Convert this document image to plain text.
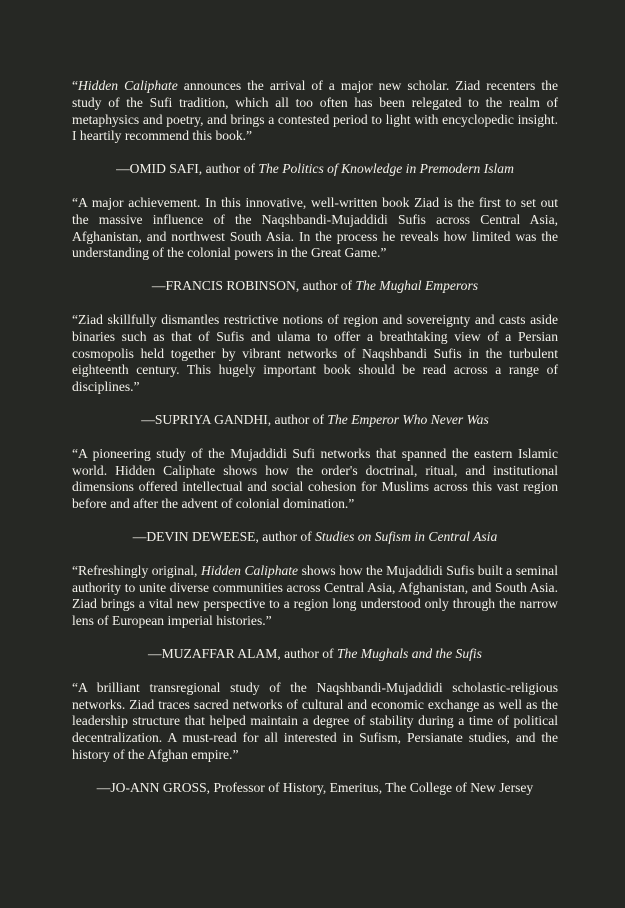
“Hidden Caliphate announces the arrival of a major new scholar. Ziad recenters the study of the Sufi tradition, which all too often has been relegated to the realm of metaphysics and poetry, and brings a contested period to light with encyclopedic insight. I heartily recommend this book.”

—OMID SAFI, author of The Politics of Knowledge in Premodern Islam

“A major achievement. In this innovative, well-written book Ziad is the first to set out the massive influence of the Naqshbandi-Mujaddidi Sufis across Central Asia, Afghanistan, and northwest South Asia. In the process he reveals how limited was the understanding of the colonial powers in the Great Game.”

—FRANCIS ROBINSON, author of The Mughal Emperors

“Ziad skillfully dismantles restrictive notions of region and sovereignty and casts aside binaries such as that of Sufis and ulama to offer a breathtaking view of a Persian cosmopolis held together by vibrant networks of Naqshbandi Sufis in the turbulent eighteenth century. This hugely important book should be read across a range of disciplines.”

—SUPRIYA GANDHI, author of The Emperor Who Never Was

“A pioneering study of the Mujaddidi Sufi networks that spanned the eastern Islamic world. Hidden Caliphate shows how the order's doctrinal, ritual, and institutional dimensions offered intellectual and social cohesion for Muslims across this vast region before and after the advent of colonial domination.”

—DEVIN DEWEESE, author of Studies on Sufism in Central Asia

“Refreshingly original, Hidden Caliphate shows how the Mujaddidi Sufis built a seminal authority to unite diverse communities across Central Asia, Afghanistan, and South Asia. Ziad brings a vital new perspective to a region long understood only through the narrow lens of European imperial histories.”

—MUZAFFAR ALAM, author of The Mughals and the Sufis

“A brilliant transregional study of the Naqshbandi-Mujaddidi scholastic-religious networks. Ziad traces sacred networks of cultural and economic exchange as well as the leadership structure that helped maintain a degree of stability during a time of political decentralization. A must-read for all interested in Sufism, Persianate studies, and the history of the Afghan empire.”

—JO-ANN GROSS, Professor of History, Emeritus, The College of New Jersey
